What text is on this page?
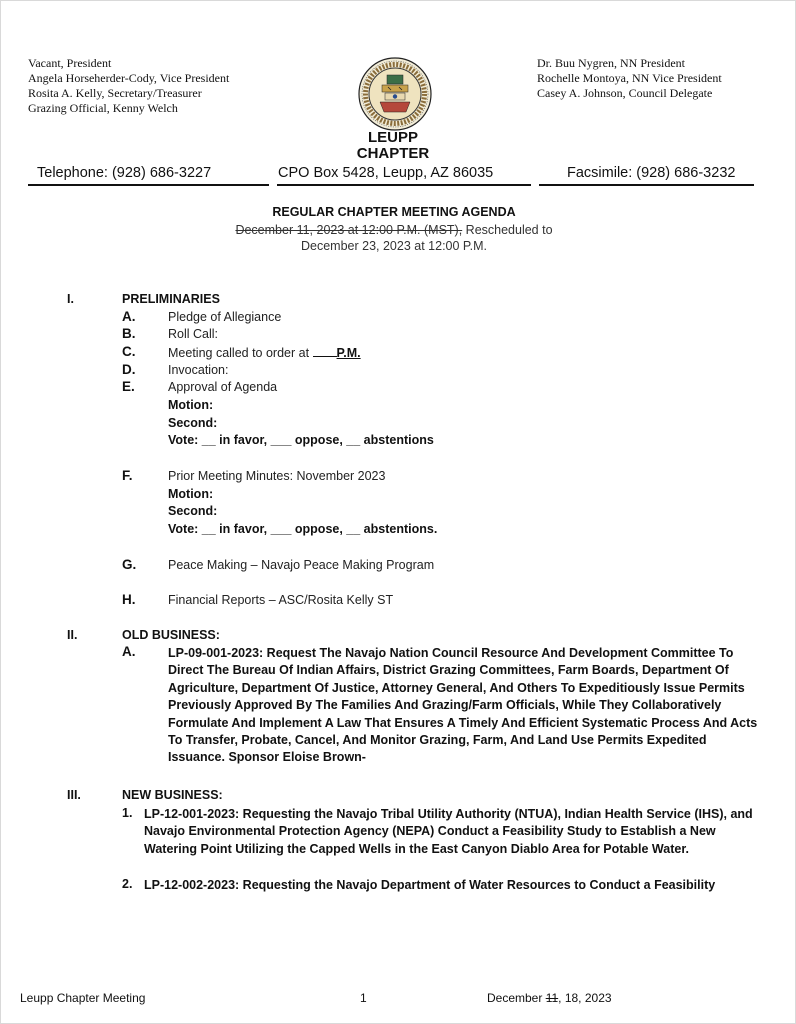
Vacant, President
Angela Horseherder-Cody, Vice President
Rosita A. Kelly, Secretary/Treasurer
Grazing Official, Kenny Welch
Dr. Buu Nygren, NN President
Rochelle Montoya, NN Vice President
Casey A. Johnson, Council Delegate
LEUPP
CHAPTER
Telephone: (928) 686-3227	CPO Box 5428, Leupp, AZ 86035	Facsimile: (928) 686-3232
REGULAR CHAPTER MEETING AGENDA
December 11, 2023 at 12:00 P.M. (MST), Rescheduled to
December 23, 2023 at 12:00 P.M.
I.	PRELIMINARIES
A.	Pledge of Allegiance
B.	Roll Call:
C.	Meeting called to order at P.M.
D.	Invocation:
E.	Approval of Agenda
Motion:
Second:
Vote: __ in favor, ___ oppose, __ abstentions
F.	Prior Meeting Minutes: November 2023
Motion:
Second:
Vote: __ in favor, ___ oppose, __ abstentions.
G.	Peace Making – Navajo Peace Making Program
H.	Financial Reports – ASC/Rosita Kelly ST
II.	OLD BUSINESS:
A.	LP-09-001-2023: Request The Navajo Nation Council Resource And Development Committee To Direct The Bureau Of Indian Affairs, District Grazing Committees, Farm Boards, Department Of Agriculture, Department Of Justice, Attorney General, And Others To Expeditiously Issue Permits Previously Approved By The Families And Grazing/Farm Officials, While They Collaboratively Formulate And Implement A Law That Ensures A Timely And Efficient Systematic Process And Acts To Transfer, Probate, Cancel, And Monitor Grazing, Farm, And Land Use Permits Expedited Issuance. Sponsor Eloise Brown-
III.	NEW BUSINESS:
1. LP-12-001-2023: Requesting the Navajo Tribal Utility Authority (NTUA), Indian Health Service (IHS), and Navajo Environmental Protection Agency (NEPA) Conduct a Feasibility Study to Establish a New Watering Point Utilizing the Capped Wells in the East Canyon Diablo Area for Potable Water.
2. LP-12-002-2023: Requesting the Navajo Department of Water Resources to Conduct a Feasibility
Leupp Chapter Meeting	1	December 11, 18, 2023
